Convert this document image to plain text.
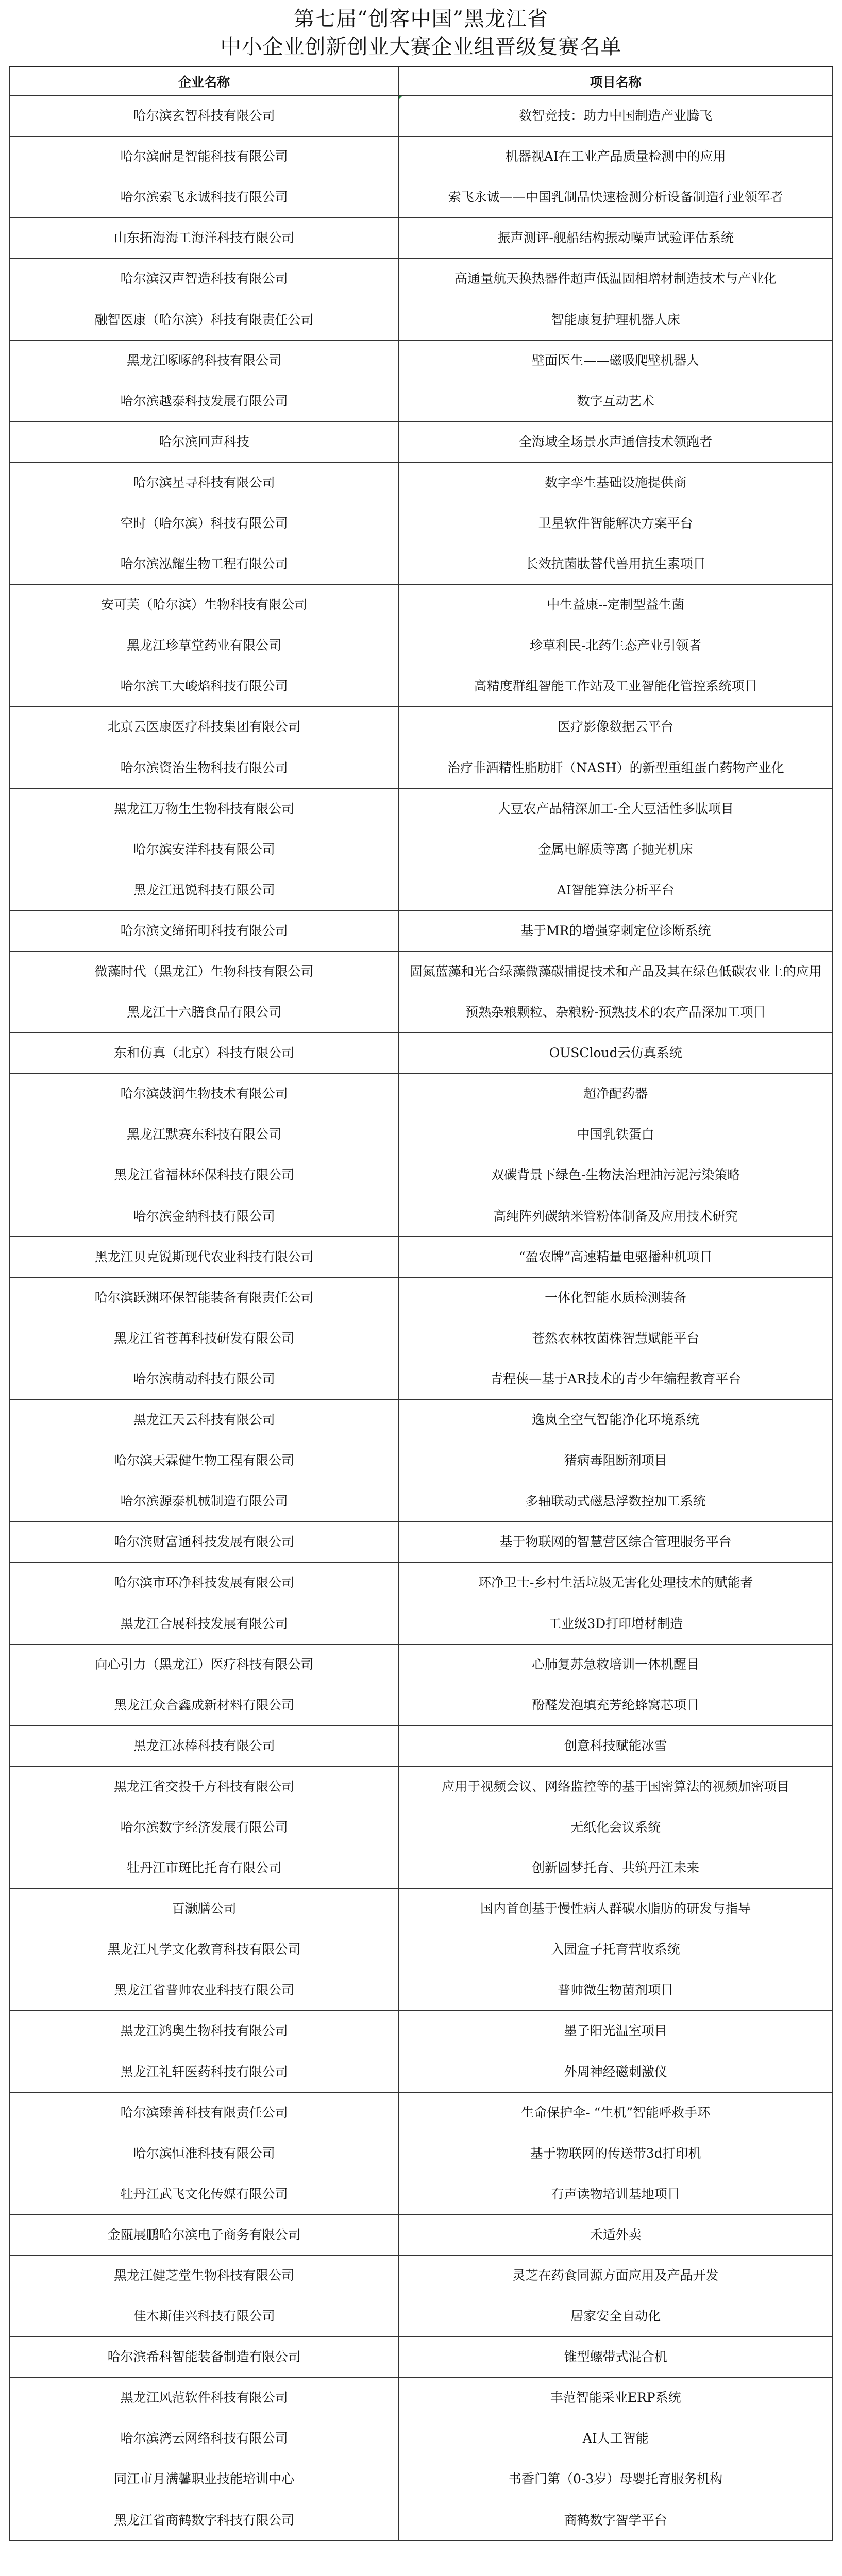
第七届“创客中国”黑龙江省
中小企业创新创业大赛企业组晋级复赛名单
企业名称	项目名称
哈尔滨玄智科技有限公司	数智竞技：助力中国制造产业腾飞
哈尔滨耐是智能科技有限公司	机器视AI在工业产品质量检测中的应用
哈尔滨索飞永诚科技有限公司	索飞永诚——中国乳制品快速检测分析设备制造行业领军者
山东拓海海工海洋科技有限公司	振声测评-舰船结构振动噪声试验评估系统
哈尔滨汉声智造科技有限公司	高通量航天换热器件超声低温固相增材制造技术与产业化
融智医康（哈尔滨）科技有限责任公司	智能康复护理机器人床
黑龙江啄啄鸽科技有限公司	壁面医生——磁吸爬壁机器人
哈尔滨越泰科技发展有限公司	数字互动艺术
哈尔滨回声科技	全海域全场景水声通信技术领跑者
哈尔滨星寻科技有限公司	数字孪生基础设施提供商
空时（哈尔滨）科技有限公司	卫星软件智能解决方案平台
哈尔滨泓耀生物工程有限公司	长效抗菌肽替代兽用抗生素项目
安可芙（哈尔滨）生物科技有限公司	中生益康--定制型益生菌
黑龙江珍草堂药业有限公司	珍草利民-北药生态产业引领者
哈尔滨工大峻焰科技有限公司	高精度群组智能工作站及工业智能化管控系统项目
北京云医康医疗科技集团有限公司	医疗影像数据云平台
哈尔滨资治生物科技有限公司	治疗非酒精性脂肪肝（NASH）的新型重组蛋白药物产业化
黑龙江万物生生物科技有限公司	大豆农产品精深加工-全大豆活性多肽项目
哈尔滨安洋科技有限公司	金属电解质等离子抛光机床
黑龙江迅锐科技有限公司	AI智能算法分析平台
哈尔滨文缔拓明科技有限公司	基于MR的增强穿刺定位诊断系统
微藻时代（黑龙江）生物科技有限公司	固氮蓝藻和光合绿藻微藻碳捕捉技术和产品及其在绿色低碳农业上的应用
黑龙江十六膳食品有限公司	预熟杂粮颗粒、杂粮粉-预熟技术的农产品深加工项目
东和仿真（北京）科技有限公司	OUSCloud云仿真系统
哈尔滨鼓润生物技术有限公司	超净配药器
黑龙江默赛东科技有限公司	中国乳铁蛋白
黑龙江省福林环保科技有限公司	双碳背景下绿色-生物法治理油污泥污染策略
哈尔滨金纳科技有限公司	高纯阵列碳纳米管粉体制备及应用技术研究
黑龙江贝克锐斯现代农业科技有限公司	“盈农牌”高速精量电驱播种机项目
哈尔滨跃渊环保智能装备有限责任公司	一体化智能水质检测装备
黑龙江省苍苒科技研发有限公司	苍然农林牧菌株智慧赋能平台
哈尔滨萌动科技有限公司	青程侠—基于AR技术的青少年编程教育平台
黑龙江天云科技有限公司	逸岚全空气智能净化环境系统
哈尔滨天霖健生物工程有限公司	猪病毒阻断剂项目
哈尔滨源泰机械制造有限公司	多轴联动式磁悬浮数控加工系统
哈尔滨财富通科技发展有限公司	基于物联网的智慧营区综合管理服务平台
哈尔滨市环净科技发展有限公司	环净卫士-乡村生活垃圾无害化处理技术的赋能者
黑龙江合展科技发展有限公司	工业级3D打印增材制造
向心引力（黑龙江）医疗科技有限公司	心肺复苏急救培训一体机醒目
黑龙江众合鑫成新材料有限公司	酚醛发泡填充芳纶蜂窝芯项目
黑龙江冰棒科技有限公司	创意科技赋能冰雪
黑龙江省交投千方科技有限公司	应用于视频会议、网络监控等的基于国密算法的视频加密项目
哈尔滨数字经济发展有限公司	无纸化会议系统
牡丹江市斑比托育有限公司	创新圆梦托育、共筑丹江未来
百灏膳公司	国内首创基于慢性病人群碳水脂肪的研发与指导
黑龙江凡学文化教育科技有限公司	入园盒子托育营收系统
黑龙江省普帅农业科技有限公司	普帅微生物菌剂项目
黑龙江鸿奥生物科技有限公司	墨子阳光温室项目
黑龙江礼轩医药科技有限公司	外周神经磁刺激仪
哈尔滨臻善科技有限责任公司	生命保护伞- “生机”智能呼救手环
哈尔滨恒准科技有限公司	基于物联网的传送带3d打印机
牡丹江武飞文化传媒有限公司	有声读物培训基地项目
金瓯展鹏哈尔滨电子商务有限公司	禾适外卖
黑龙江健芝堂生物科技有限公司	灵芝在药食同源方面应用及产品开发
佳木斯佳兴科技有限公司	居家安全自动化
哈尔滨希科智能装备制造有限公司	锥型螺带式混合机
黑龙江风范软件科技有限公司	丰范智能采业ERP系统
哈尔滨湾云网络科技有限公司	AI人工智能
同江市月满馨职业技能培训中心	书香门第（0-3岁）母婴托育服务机构
黑龙江省商鹤数字科技有限公司	商鹤数字智学平台
